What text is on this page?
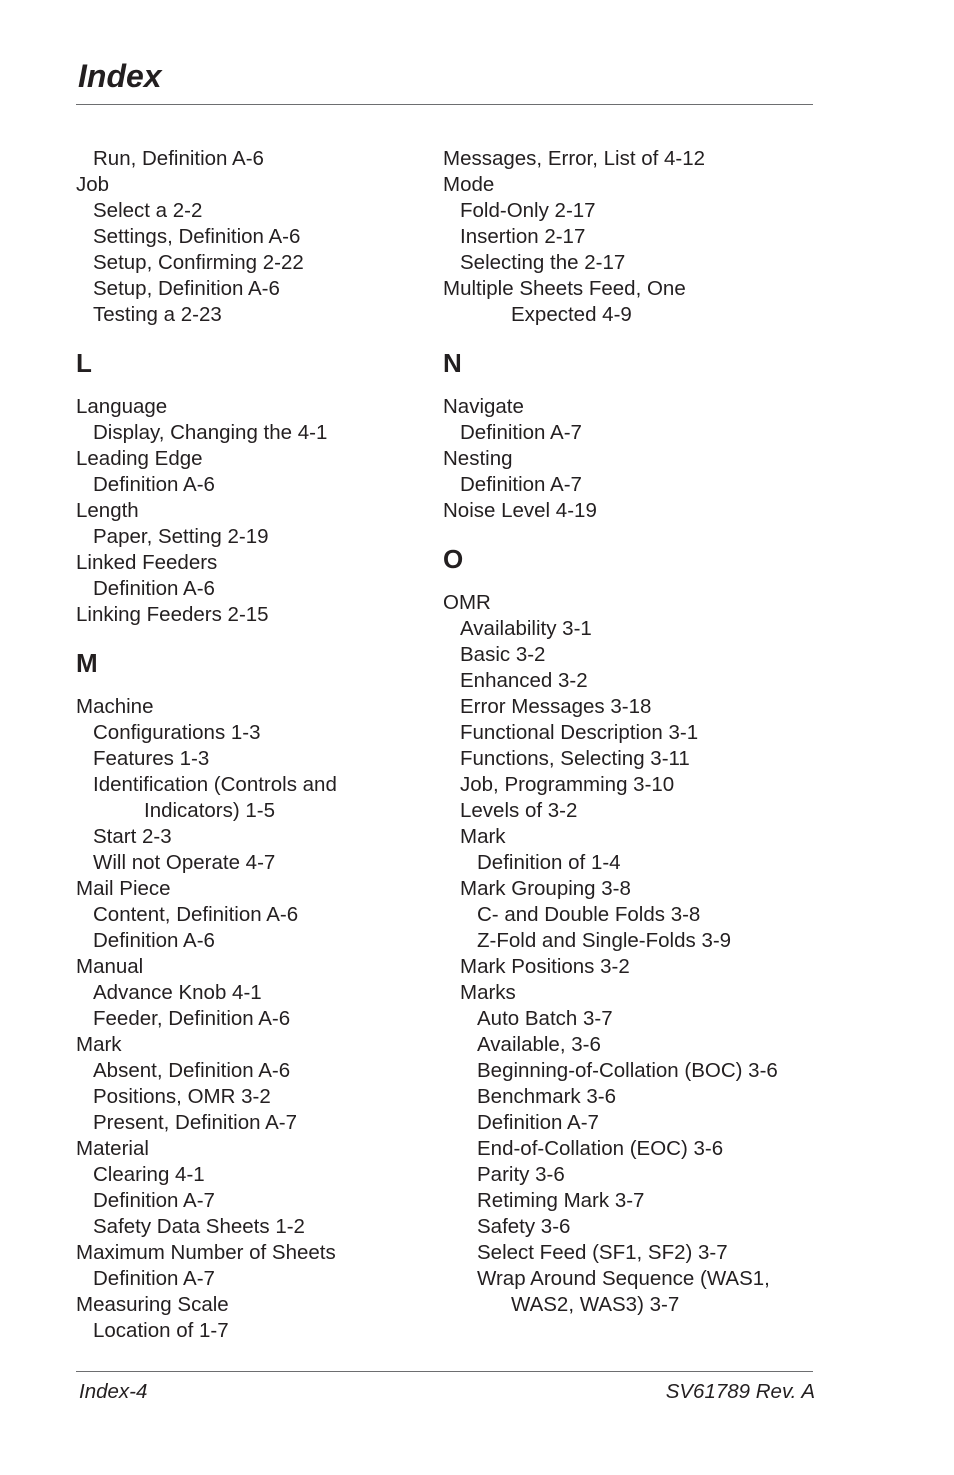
Index
Run, Definition A-6
Job
Select a 2-2
Settings, Definition A-6
Setup, Confirming 2-22
Setup, Definition A-6
Testing a 2-23
L
Language
Display, Changing the 4-1
Leading Edge
Definition A-6
Length
Paper, Setting 2-19
Linked Feeders
Definition A-6
Linking Feeders 2-15
M
Machine
Configurations 1-3
Features 1-3
Identification (Controls and
Indicators) 1-5
Start 2-3
Will not Operate 4-7
Mail Piece
Content, Definition A-6
Definition A-6
Manual
Advance Knob 4-1
Feeder, Definition A-6
Mark
Absent, Definition A-6
Positions, OMR 3-2
Present, Definition A-7
Material
Clearing 4-1
Definition A-7
Safety Data Sheets 1-2
Maximum Number of Sheets
Definition A-7
Measuring Scale
Location of 1-7
Messages, Error, List of 4-12
Mode
Fold-Only 2-17
Insertion 2-17
Selecting the 2-17
Multiple Sheets Feed, One
Expected 4-9
N
Navigate
Definition A-7
Nesting
Definition A-7
Noise Level 4-19
O
OMR
Availability 3-1
Basic 3-2
Enhanced 3-2
Error Messages 3-18
Functional Description 3-1
Functions, Selecting 3-11
Job, Programming 3-10
Levels of 3-2
Mark
Definition of 1-4
Mark Grouping 3-8
C- and Double Folds 3-8
Z-Fold and Single-Folds 3-9
Mark Positions 3-2
Marks
Auto Batch 3-7
Available, 3-6
Beginning-of-Collation (BOC) 3-6
Benchmark 3-6
Definition A-7
End-of-Collation (EOC) 3-6
Parity 3-6
Retiming Mark 3-7
Safety 3-6
Select Feed (SF1, SF2) 3-7
Wrap Around Sequence (WAS1,
WAS2, WAS3) 3-7
Index-4	SV61789 Rev. A
